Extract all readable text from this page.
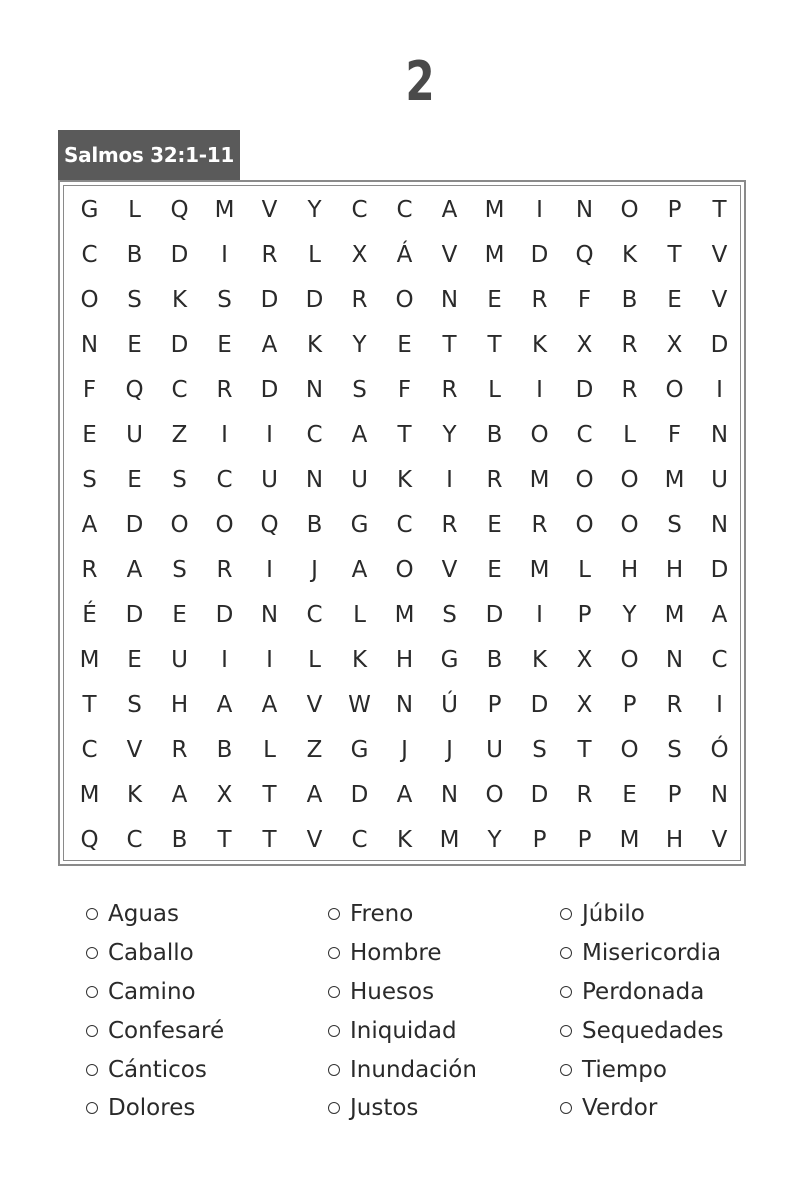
2
Salmos 32:1-11
G	L	Q	M	V	Y	C	C	A	M	I	N	O	P	T
C	B	D	I	R	L	X	Á	V	M	D	Q	K	T	V
O	S	K	S	D	D	R	O	N	E	R	F	B	E	V
N	E	D	E	A	K	Y	E	T	T	K	X	R	X	D
F	Q	C	R	D	N	S	F	R	L	I	D	R	O	I
E	U	Z	I	I	C	A	T	Y	B	O	C	L	F	N
S	E	S	C	U	N	U	K	I	R	M	O	O	M	U
A	D	O	O	Q	B	G	C	R	E	R	O	O	S	N
R	A	S	R	I	J	A	O	V	E	M	L	H	H	D
É	D	E	D	N	C	L	M	S	D	I	P	Y	M	A
M	E	U	I	I	L	K	H	G	B	K	X	O	N	C
T	S	H	A	A	V	W	N	Ú	P	D	X	P	R	I
C	V	R	B	L	Z	G	J	J	U	S	T	O	S	Ó
M	K	A	X	T	A	D	A	N	O	D	R	E	P	N
Q	C	B	T	T	V	C	K	M	Y	P	P	M	H	V
Aguas
Caballo
Camino
Confesaré
Cánticos
Dolores
Freno
Hombre
Huesos
Iniquidad
Inundación
Justos
Júbilo
Misericordia
Perdonada
Sequedades
Tiempo
Verdor
